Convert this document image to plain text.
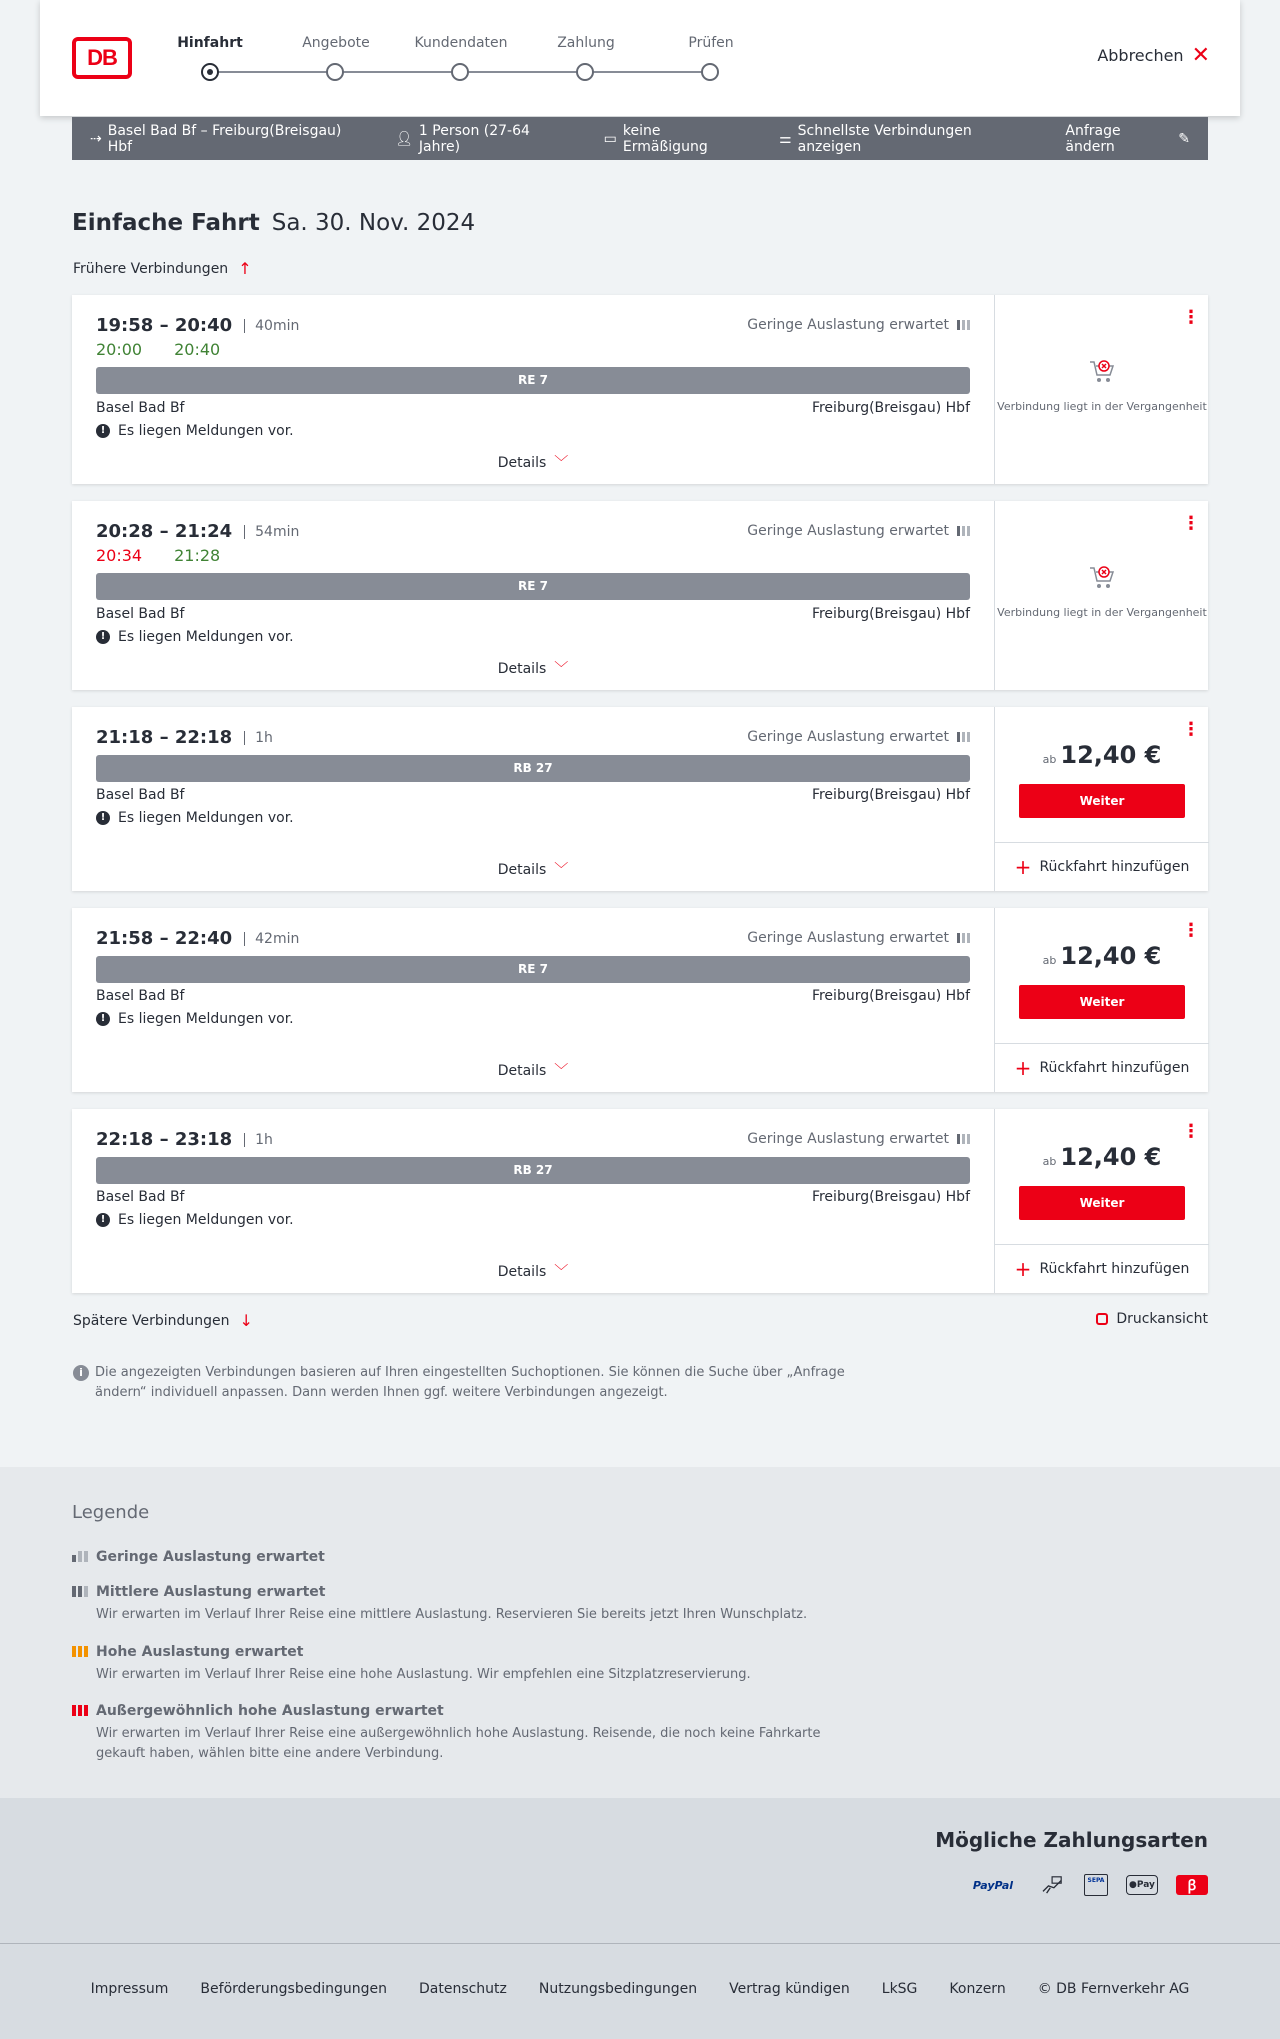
DB
Hinfahrt	Angebote	Kundendaten	Zahlung	Prüfen
Abbrechen ✕
⇢ Basel Bad Bf – Freiburg(Breisgau) Hbf	👤︎ 1 Person (27-64 Jahre)	▭ keine Ermäßigung	⚌ Schnellste Verbindungen anzeigen
Anfrage ändern	✎
Einfache Fahrt Sa. 30. Nov. 2024
Frühere Verbindungen ↑
19:58 – 20:40	40min
20:00 20:40
Geringe Auslastung erwartet
RE 7
Basel Bad Bf	Freiburg(Breisgau) Hbf
! Es liegen Meldungen vor.
Details ﹀
⋮
Verbindung liegt in der Vergangenheit
20:28 – 21:24	54min
20:34 21:28
Geringe Auslastung erwartet
RE 7
Basel Bad Bf	Freiburg(Breisgau) Hbf
! Es liegen Meldungen vor.
Details ﹀
⋮
Verbindung liegt in der Vergangenheit
21:18 – 22:18	1h	Geringe Auslastung erwartet
RB 27
Basel Bad Bf	Freiburg(Breisgau) Hbf
! Es liegen Meldungen vor.
Details ﹀
⋮
ab 12,40 €
Weiter
+ Rückfahrt hinzufügen
21:58 – 22:40	42min	Geringe Auslastung erwartet
RE 7
Basel Bad Bf	Freiburg(Breisgau) Hbf
! Es liegen Meldungen vor.
Details ﹀
⋮
ab 12,40 €
Weiter
+ Rückfahrt hinzufügen
22:18 – 23:18	1h	Geringe Auslastung erwartet
RB 27
Basel Bad Bf	Freiburg(Breisgau) Hbf
! Es liegen Meldungen vor.
Details ﹀
⋮
ab 12,40 €
Weiter
+ Rückfahrt hinzufügen
Spätere Verbindungen ↓	Druckansicht
i Die angezeigten Verbindungen basieren auf Ihren eingestellten Suchoptionen. Sie können die Suche über „Anfrage ändern“ individuell anpassen. Dann werden Ihnen ggf. weitere Verbindungen angezeigt.
Legende
Geringe Auslastung erwartet
Mittlere Auslastung erwartet
Wir erwarten im Verlauf Ihrer Reise eine mittlere Auslastung. Reservieren Sie bereits jetzt Ihren Wunschplatz.
Hohe Auslastung erwartet
Wir erwarten im Verlauf Ihrer Reise eine hohe Auslastung. Wir empfehlen eine Sitzplatzreservierung.
Außergewöhnlich hohe Auslastung erwartet
Wir erwarten im Verlauf Ihrer Reise eine außergewöhnlich hohe Auslastung. Reisende, die noch keine Fahrkarte gekauft haben, wählen bitte eine andere Verbindung.
Mögliche Zahlungsarten
PayPal	SEPA	● Pay	ꞵ
Impressum Beförderungsbedingungen Datenschutz Nutzungsbedingungen Vertrag kündigen LkSG Konzern © DB Fernverkehr AG
